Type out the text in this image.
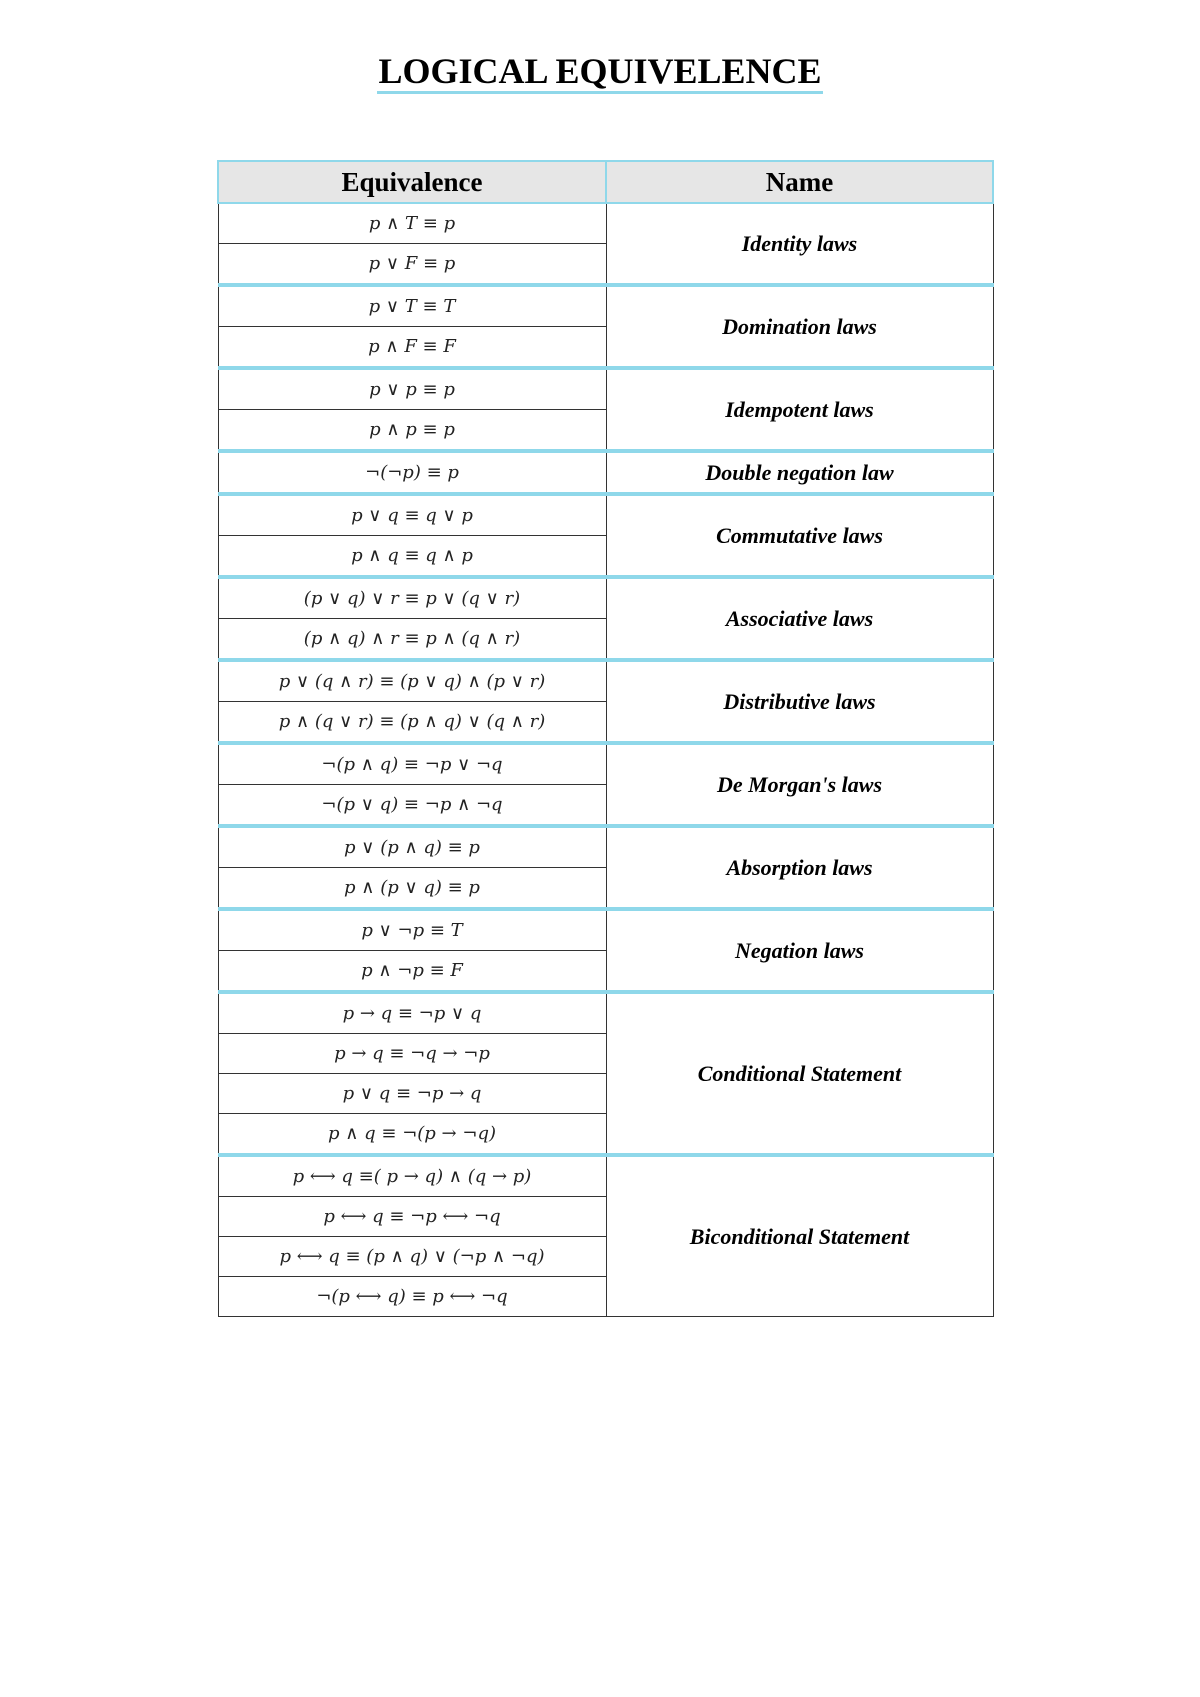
LOGICAL EQUIVELENCE
Equivalence	Name
p ∧ T ≡ p	Identity laws
p ∨ F ≡ p	
p ∨ T ≡ T	Domination laws
p ∧ F ≡ F	
p ∨ p ≡ p	Idempotent laws
p ∧ p ≡ p	
¬(¬p) ≡ p	Double negation law
p ∨ q ≡ q ∨ p	Commutative laws
p ∧ q ≡ q ∧ p	
(p ∨ q) ∨ r ≡ p ∨ (q ∨ r)	Associative laws
(p ∧ q) ∧ r ≡ p ∧ (q ∧ r)	
p ∨ (q ∧ r) ≡ (p ∨ q) ∧ (p ∨ r)	Distributive laws
p ∧ (q ∨ r) ≡ (p ∧ q) ∨ (q ∧ r)	
¬(p ∧ q) ≡ ¬p ∨ ¬q	De Morgan's laws
¬(p ∨ q) ≡ ¬p ∧ ¬q	
p ∨ (p ∧ q) ≡ p	Absorption laws
p ∧ (p ∨ q) ≡ p	
p ∨ ¬p ≡ T	Negation laws
p ∧ ¬p ≡ F	
p → q ≡ ¬p ∨ q	Conditional Statement
p → q ≡ ¬q → ¬p	
p ∨ q ≡ ¬p → q	
p ∧ q ≡ ¬(p → ¬q)	
p ⟷ q ≡( p → q) ∧ (q → p)	Biconditional Statement
p ⟷ q ≡ ¬p ⟷ ¬q	
p ⟷ q ≡ (p ∧ q) ∨ (¬p ∧ ¬q)	
¬(p ⟷ q) ≡ p ⟷ ¬q	
